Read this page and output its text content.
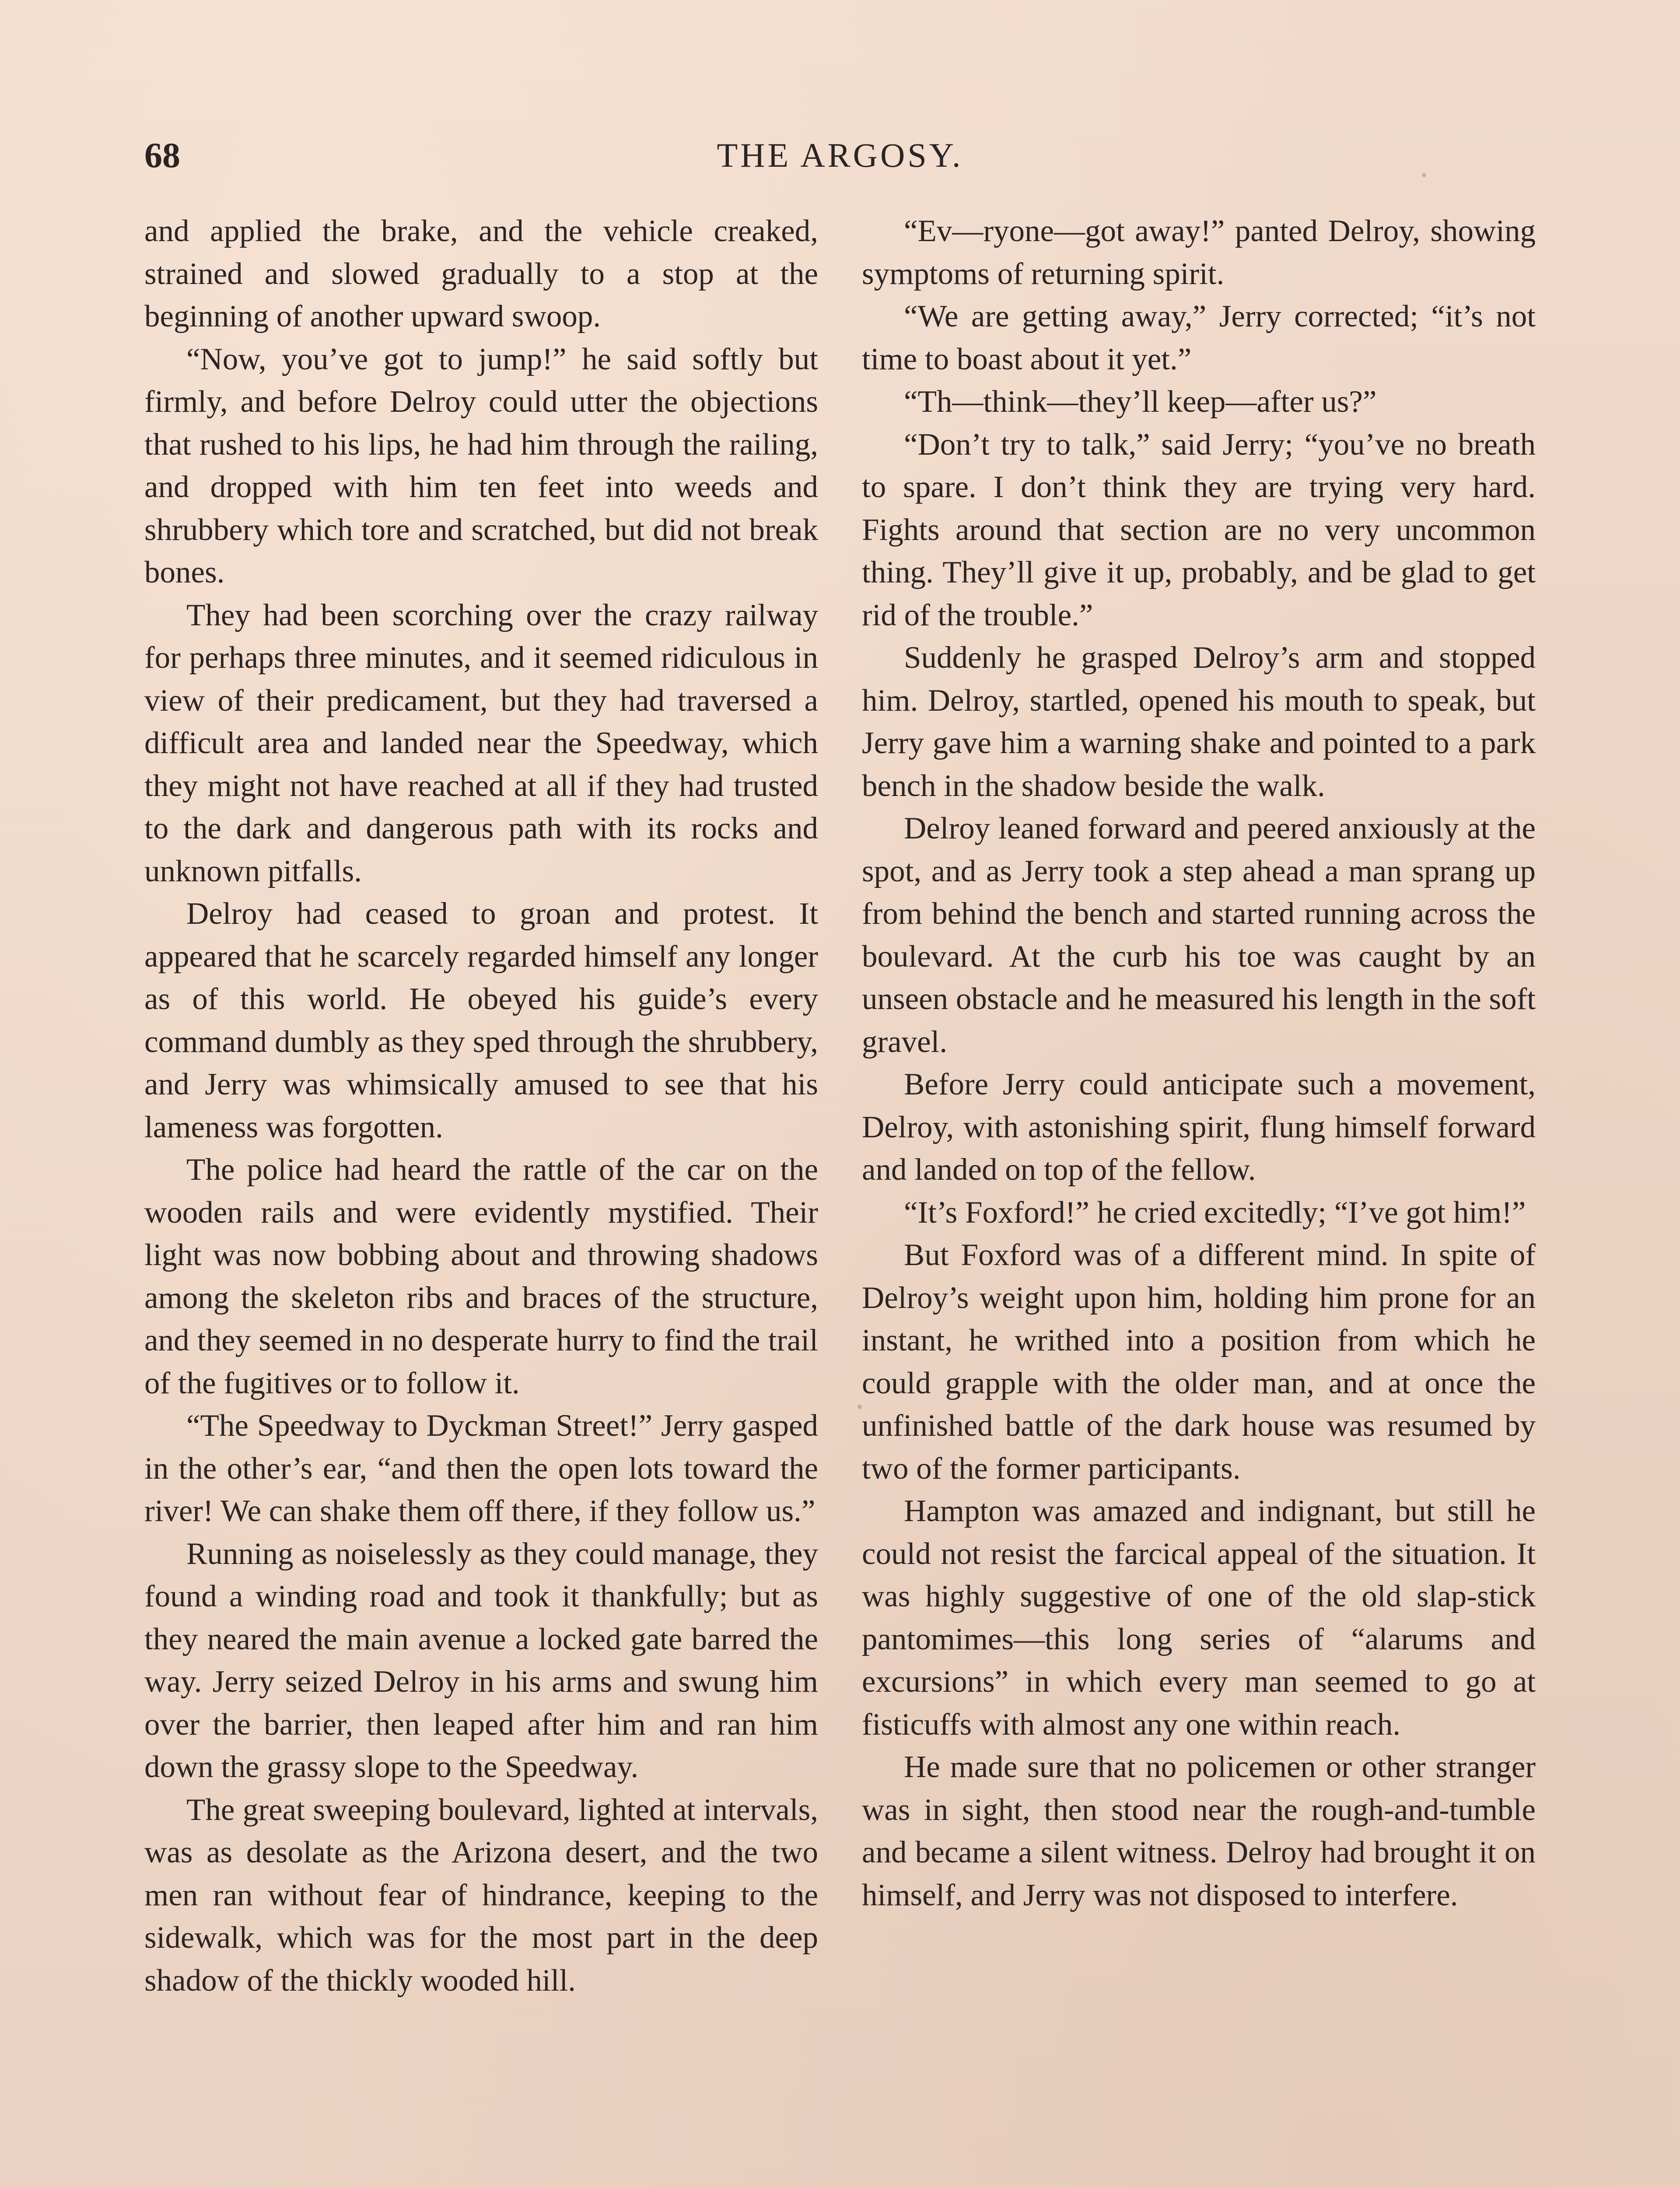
68	THE ARGOSY.

and applied the brake, and the vehicle creaked, strained and slowed gradually to a stop at the beginning of another upward swoop.

“Now, you’ve got to jump!” he said softly but firmly, and before Delroy could utter the objections that rushed to his lips, he had him through the railing, and dropped with him ten feet into weeds and shrubbery which tore and scratched, but did not break bones.

They had been scorching over the crazy railway for perhaps three minutes, and it seemed ridiculous in view of their predicament, but they had traversed a difficult area and landed near the Speedway, which they might not have reached at all if they had trusted to the dark and dangerous path with its rocks and unknown pitfalls.

Delroy had ceased to groan and protest. It appeared that he scarcely regarded himself any longer as of this world. He obeyed his guide’s every command dumbly as they sped through the shrubbery, and Jerry was whimsically amused to see that his lameness was forgotten.

The police had heard the rattle of the car on the wooden rails and were evidently mystified. Their light was now bobbing about and throwing shadows among the skeleton ribs and braces of the structure, and they seemed in no desperate hurry to find the trail of the fugitives or to follow it.

“The Speedway to Dyckman Street!” Jerry gasped in the other’s ear, “and then the open lots toward the river! We can shake them off there, if they follow us.”

Running as noiselessly as they could manage, they found a winding road and took it thankfully; but as they neared the main avenue a locked gate barred the way. Jerry seized Delroy in his arms and swung him over the barrier, then leaped after him and ran him down the grassy slope to the Speedway.

The great sweeping boulevard, lighted at intervals, was as desolate as the Arizona desert, and the two men ran without fear of hindrance, keeping to the sidewalk, which was for the most part in the deep shadow of the thickly wooded hill.

“Ev—ryone—got away!” panted Delroy, showing symptoms of returning spirit.

“We are getting away,” Jerry corrected; “it’s not time to boast about it yet.”

“Th—think—they’ll keep—after us?”

“Don’t try to talk,” said Jerry; “you’ve no breath to spare. I don’t think they are trying very hard. Fights around that section are no very uncommon thing. They’ll give it up, probably, and be glad to get rid of the trouble.”

Suddenly he grasped Delroy’s arm and stopped him. Delroy, startled, opened his mouth to speak, but Jerry gave him a warning shake and pointed to a park bench in the shadow beside the walk.

Delroy leaned forward and peered anxiously at the spot, and as Jerry took a step ahead a man sprang up from behind the bench and started running across the boulevard. At the curb his toe was caught by an unseen obstacle and he measured his length in the soft gravel.

Before Jerry could anticipate such a movement, Delroy, with astonishing spirit, flung himself forward and landed on top of the fellow.

“It’s Foxford!” he cried excitedly; “I’ve got him!”

But Foxford was of a different mind. In spite of Delroy’s weight upon him, holding him prone for an instant, he writhed into a position from which he could grapple with the older man, and at once the unfinished battle of the dark house was resumed by two of the former participants.

Hampton was amazed and indignant, but still he could not resist the farcical appeal of the situation. It was highly suggestive of one of the old slap-stick pantomimes—this long series of “alarums and excursions” in which every man seemed to go at fisticuffs with almost any one within reach.

He made sure that no policemen or other stranger was in sight, then stood near the rough-and-tumble and became a silent witness. Delroy had brought it on himself, and Jerry was not disposed to interfere.
